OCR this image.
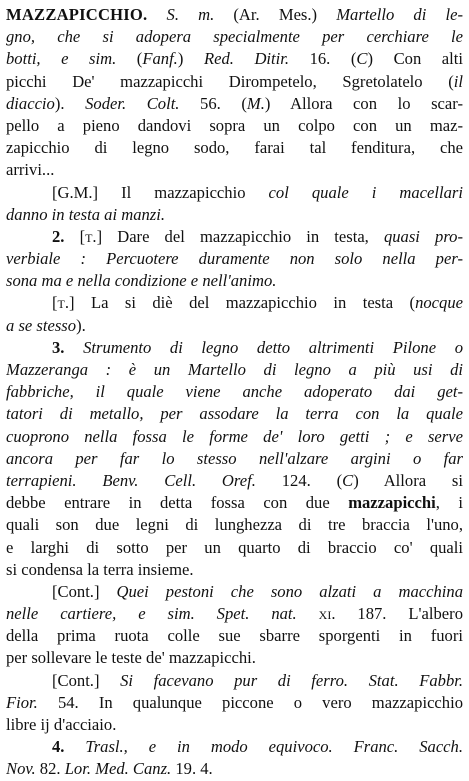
MAZZAPICCHIO. S. m. (Ar. Mes.) Martello di le-
gno, che si adopera specialmente per cerchiare le
botti, e sim. (Fanf.) Red. Ditir. 16. (C) Con alti
picchi De' mazzapicchi Dirompetelo, Sgretolatelo (il
diaccio). Soder. Colt. 56. (M.) Allora con lo scar-
pello a pieno dandovi sopra un colpo con un maz-
zapicchio di legno sodo, farai tal fenditura, che
arrivi...
[G.M.] Il mazzapicchio col quale i macellari
danno in testa ai manzi.
2. [t.] Dare del mazzapicchio in testa, quasi pro-
verbiale : Percuotere duramente non solo nella per-
sona ma e nella condizione e nell'animo.
[t.] La si diè del mazzapicchio in testa (nocque
a se stesso).
3. Strumento di legno detto altrimenti Pilone o
Mazzeranga : è un Martello di legno a più usi di
fabbriche, il quale viene anche adoperato dai get-
tatori di metallo, per assodare la terra con la quale
cuoprono nella fossa le forme de' loro getti ; e serve
ancora per far lo stesso nell'alzare argini o far
terrapieni. Benv. Cell. Oref. 124. (C) Allora si
debbe entrare in detta fossa con due mazzapicchi, i
quali son due legni di lunghezza di tre braccia l'uno,
e larghi di sotto per un quarto di braccio co' quali
si condensa la terra insieme.
[Cont.] Quei pestoni che sono alzati a macchina
nelle cartiere, e sim. Spet. nat. xi. 187. L'albero
della prima ruota colle sue sbarre sporgenti in fuori
per sollevare le teste de' mazzapicchi.
[Cont.] Si facevano pur di ferro. Stat. Fabbr.
Fior. 54. In qualunque piccone o vero mazzapicchio
libre ij d'acciaio.
4. Trasl., e in modo equivoco. Franc. Sacch.
Nov. 82. Lor. Med. Canz. 19. 4.
